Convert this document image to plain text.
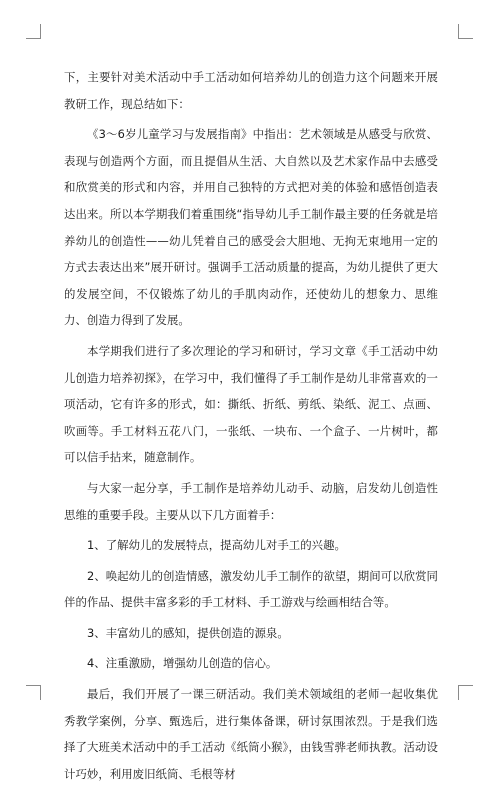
下，主要针对美术活动中手工活动如何培养幼儿的创造力这个问题来开展教研工作，现总结如下：

《3～6岁儿童学习与发展指南》中指出：艺术领域是从感受与欣赏、表现与创造两个方面，而且提倡从生活、大自然以及艺术家作品中去感受和欣赏美的形式和内容，并用自己独特的方式把对美的体验和感悟创造表达出来。所以本学期我们着重围绕“指导幼儿手工制作最主要的任务就是培养幼儿的创造性——幼儿凭着自己的感受会大胆地、无拘无束地用一定的方式去表达出来”展开研讨。强调手工活动质量的提高，为幼儿提供了更大的发展空间，不仅锻炼了幼儿的手肌肉动作，还使幼儿的想象力、思维力、创造力得到了发展。

本学期我们进行了多次理论的学习和研讨，学习文章《手工活动中幼儿创造力培养初探》，在学习中，我们懂得了手工制作是幼儿非常喜欢的一项活动，它有许多的形式，如：撕纸、折纸、剪纸、染纸、泥工、点画、吹画等。手工材料五花八门，一张纸、一块布、一个盒子、一片树叶，都可以信手拈来，随意制作。

与大家一起分享，手工制作是培养幼儿动手、动脑，启发幼儿创造性思维的重要手段。主要从以下几方面着手：

1、了解幼儿的发展特点，提高幼儿对手工的兴趣。

2、唤起幼儿的创造情感，激发幼儿手工制作的欲望，期间可以欣赏同伴的作品、提供丰富多彩的手工材料、手工游戏与绘画相结合等。

3、丰富幼儿的感知，提供创造的源泉。

4、注重激励，增强幼儿创造的信心。

最后，我们开展了一课三研活动。我们美术领域组的老师一起收集优秀教学案例，分享、甄选后，进行集体备课，研讨氛围浓烈。于是我们选择了大班美术活动中的手工活动《纸筒小猴》，由钱雪骅老师执教。活动设计巧妙，利用废旧纸筒、毛根等材
